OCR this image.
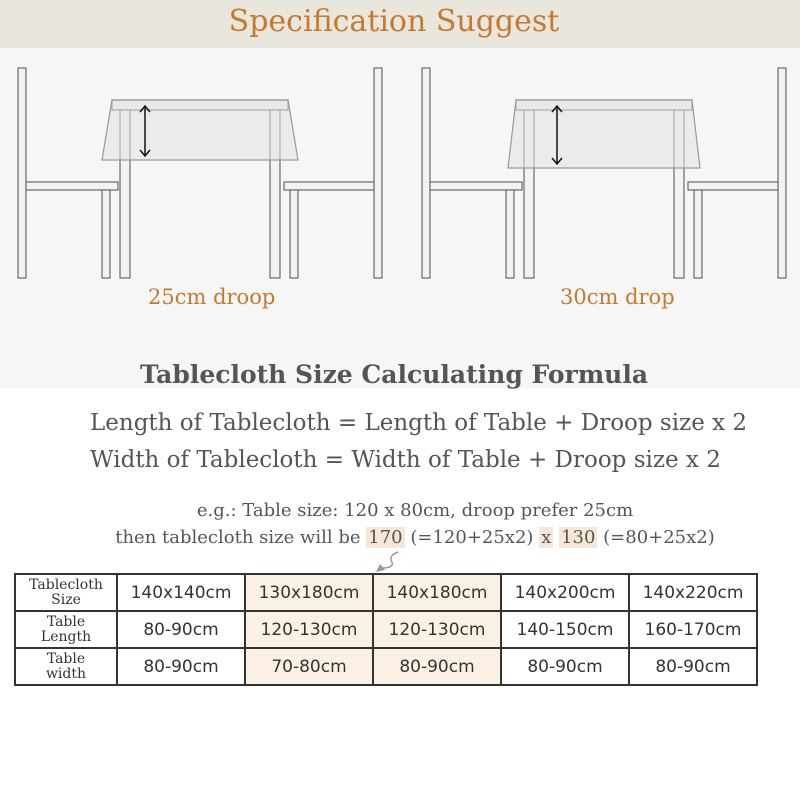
Specification Suggest
25cm droop	30cm drop
Tablecloth Size Calculating Formula
Length of Tablecloth = Length of Table + Droop size x 2
Width of Tablecloth = Width of Table + Droop size x 2
e.g.: Table size: 120 x 80cm, droop prefer 25cm
then tablecloth size will be 170 (=120+25x2) x 130 (=80+25x2)
Tablecloth
Size	140x140cm	130x180cm	140x180cm	140x200cm	140x220cm
Table
Length	80-90cm	120-130cm	120-130cm	140-150cm	160-170cm
Table
width	80-90cm	70-80cm	80-90cm	80-90cm	80-90cm
